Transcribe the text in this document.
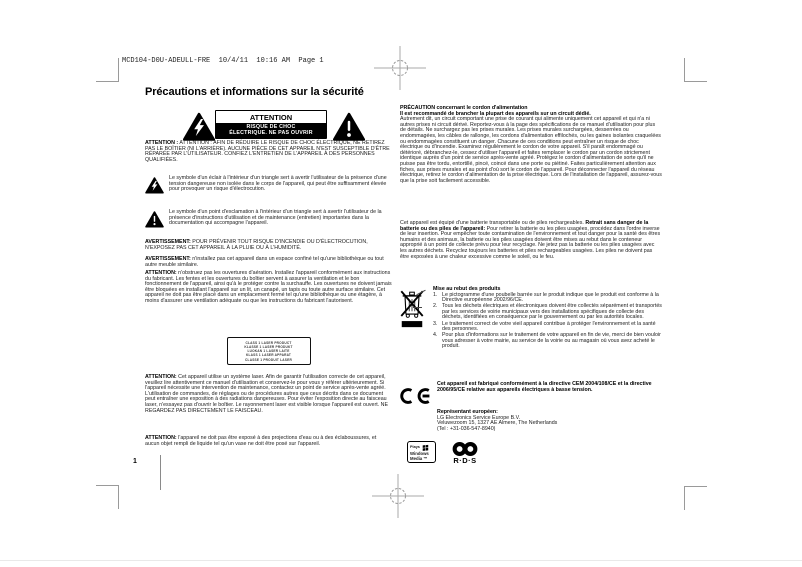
MCD104-D0U-ADEULL-FRE  10/4/11  10:16 AM  Page 1
Précautions et informations sur la sécurité
ATTENTION
RISQUE DE CHOC
ÉLECTRIQUE. NE PAS OUVRIR
ATTENTION : ATTENTION : AFIN DE RÉDUIRE LE RISQUE DE CHOC ÉLECTRIQUE, NE RETIREZ PAS LE BOÎTIER (NI L'ARRIÈRE). AUCUNE PIÈCE DE CET APPAREIL N'EST SUSCEPTIBLE D'ÊTRE RÉPARÉE PAR L'UTILISATEUR. CONFIEZ L'ENTRETIEN DE L'APPAREIL À DES PERSONNES QUALIFIÉES.
Le symbole d'un éclair à l'intérieur d'un triangle sert à avertir l'utilisateur de la présence d'une tension dangereuse non isolée dans le corps de l'appareil, qui peut être suffisamment élevée pour provoquer un risque d'électrocution.
Le symbole d'un point d'exclamation à l'intérieur d'un triangle sert à avertir l'utilisateur de la présence d'instructions d'utilisation et de maintenance (entretien) importantes dans la documentation qui accompagne l'appareil.
AVERTISSEMENT: POUR PRÉVENIR TOUT RISQUE D'INCENDIE OU D'ÉLECTROCUTION, N'EXPOSEZ PAS CET APPAREIL À LA PLUIE OU À L'HUMIDITÉ.
AVERTISSEMENT: n'installez pas cet appareil dans un espace confiné tel qu'une bibliothèque ou tout autre meuble similaire.
ATTENTION: n'obstruez pas les ouvertures d'aération. Installez l'appareil conformément aux instructions du fabricant. Les fentes et les ouvertures du boîtier servent à assurer la ventilation et le bon fonctionnement de l'appareil, ainsi qu'à le protéger contre la surchauffe. Les ouvertures ne doivent jamais être bloquées en installant l'appareil sur un lit, un canapé, un tapis ou toute autre surface similaire. Cet appareil ne doit pas être placé dans un emplacement fermé tel qu'une bibliothèque ou une étagère, à moins d'assurer une ventilation adéquate ou que les instructions du fabricant l'autorisent.
CLASS 1 LASER PRODUCT
KLASSE 1 LASER PRODUKT
LUOKAN 1 LASER LAITE
KLASS 1 LASER APPARAT
CLASSE 1 PRODUIT LASER
ATTENTION: Cet appareil utilise un système laser. Afin de garantir l'utilisation correcte de cet appareil, veuillez lire attentivement ce manuel d'utilisation et conservez-le pour vous y référer ultérieurement. Si l'appareil nécessite une intervention de maintenance, contactez un point de service après-vente agréé. L'utilisation de commandes, de réglages ou de procédures autres que ceux décrits dans ce document peut entraîner une exposition à des radiations dangereuses. Pour éviter l'exposition directe au faisceau laser, n'essayez pas d'ouvrir le boîtier. Le rayonnement laser est visible lorsque l'appareil est ouvert. NE REGARDEZ PAS DIRECTEMENT LE FAISCEAU.
ATTENTION: l'appareil ne doit pas être exposé à des projections d'eau ou à des éclaboussures, et aucun objet rempli de liquide tel qu'un vase ne doit être posé sur l'appareil.
1
PRÉCAUTION concernant le cordon d'alimentation
Il est recommandé de brancher la plupart des appareils sur un circuit dédié.
Autrement dit, un circuit comportant une prise de courant qui alimente uniquement cet appareil et qui n'a ni autres prises ni circuit dérivé. Reportez-vous à la page des spécifications de ce manuel d'utilisation pour plus de détails. Ne surchargez pas les prises murales. Les prises murales surchargées, desserrées ou endommagées, les câbles de rallonge, les cordons d'alimentation effilochés, ou les gaines isolantes craquelées ou endommagées constituent un danger. Chacune de ces conditions peut entraîner un risque de choc électrique ou d'incendie. Examinez régulièrement le cordon de votre appareil. S'il paraît endommagé ou détérioré, débranchez-le, cessez d'utiliser l'appareil et faites remplacer le cordon par un cordon strictement identique auprès d'un point de service après-vente agréé. Protégez le cordon d'alimentation de sorte qu'il ne puisse pas être tordu, entortillé, pincé, coincé dans une porte ou piétiné. Faites particulièrement attention aux fiches, aux prises murales et au point d'où sort le cordon de l'appareil. Pour déconnecter l'appareil du réseau électrique, retirez le cordon d'alimentation de la prise électrique. Lors de l'installation de l'appareil, assurez-vous que la prise soit facilement accessible.
Cet appareil est équipé d'une batterie transportable ou de piles rechargeables. Retrait sans danger de la batterie ou des piles de l'appareil: Pour retirer la batterie ou les piles usagées, procédez dans l'ordre inverse de leur insertion. Pour empêcher toute contamination de l'environnement et tout danger pour la santé des êtres humains et des animaux, la batterie ou les piles usagées doivent être mises au rebut dans le conteneur approprié à un point de collecte prévu pour leur recyclage. Ne jetez pas la batterie ou les piles usagées avec les autres déchets. Recyclez toujours les batteries et piles rechargeables usagées. Les piles ne doivent pas être exposées à une chaleur excessive comme le soleil, ou le feu.
Mise au rebut des produits
1. Le pictogramme d'une poubelle barrée sur le produit indique que le produit est conforme à la Directive européenne 2002/96/CE.
2. Tous les déchets électriques et électroniques doivent être collectés séparément et transportés par les services de voirie municipaux vers des installations spécifiques de collecte des déchets, identifiées en conséquence par le gouvernement ou par les autorités locales.
3. Le traitement correct de votre vieil appareil contribue à protéger l'environnement et la santé des personnes.
4. Pour plus d'informations sur le traitement de votre appareil en fin de vie, merci de bien vouloir vous adresser à votre mairie, au service de la voirie ou au magasin où vous avez acheté le produit.
Cet appareil est fabriqué conformément à la directive CEM 2004/108/CE et la directive 2006/95/CE relative aux appareils électriques à basse tension.
Représentant européen:
LG Electronics Service Europe B.V.
Veluwezoom 15, 1327 AE Almere, The Netherlands
(Tel : +31-036-547-8940)
Plays
Windows
Media ™	R·D·S
